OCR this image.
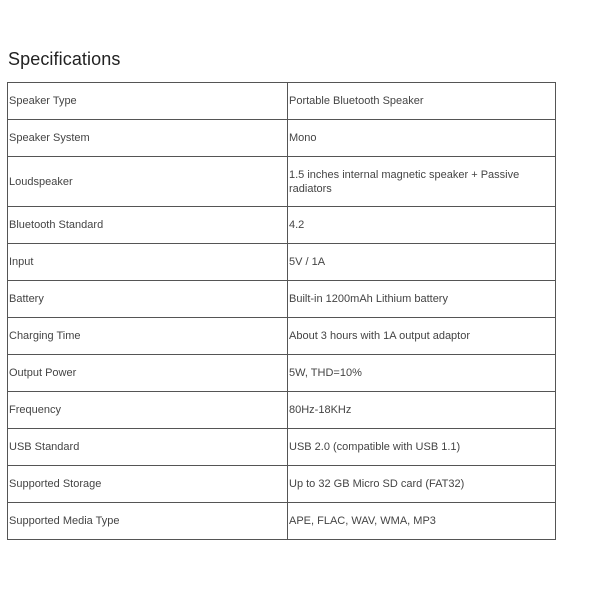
Specifications
Speaker Type	Portable Bluetooth Speaker
Speaker System	Mono
Loudspeaker	1.5 inches internal magnetic speaker + Passive radiators
Bluetooth Standard	4.2
Input	5V / 1A
Battery	Built-in 1200mAh Lithium battery
Charging Time	About 3 hours with 1A output adaptor
Output Power	5W, THD=10%
Frequency	80Hz-18KHz
USB Standard	USB 2.0 (compatible with USB 1.1)
Supported Storage	Up to 32 GB Micro SD card (FAT32)
Supported Media Type	APE, FLAC, WAV, WMA, MP3
